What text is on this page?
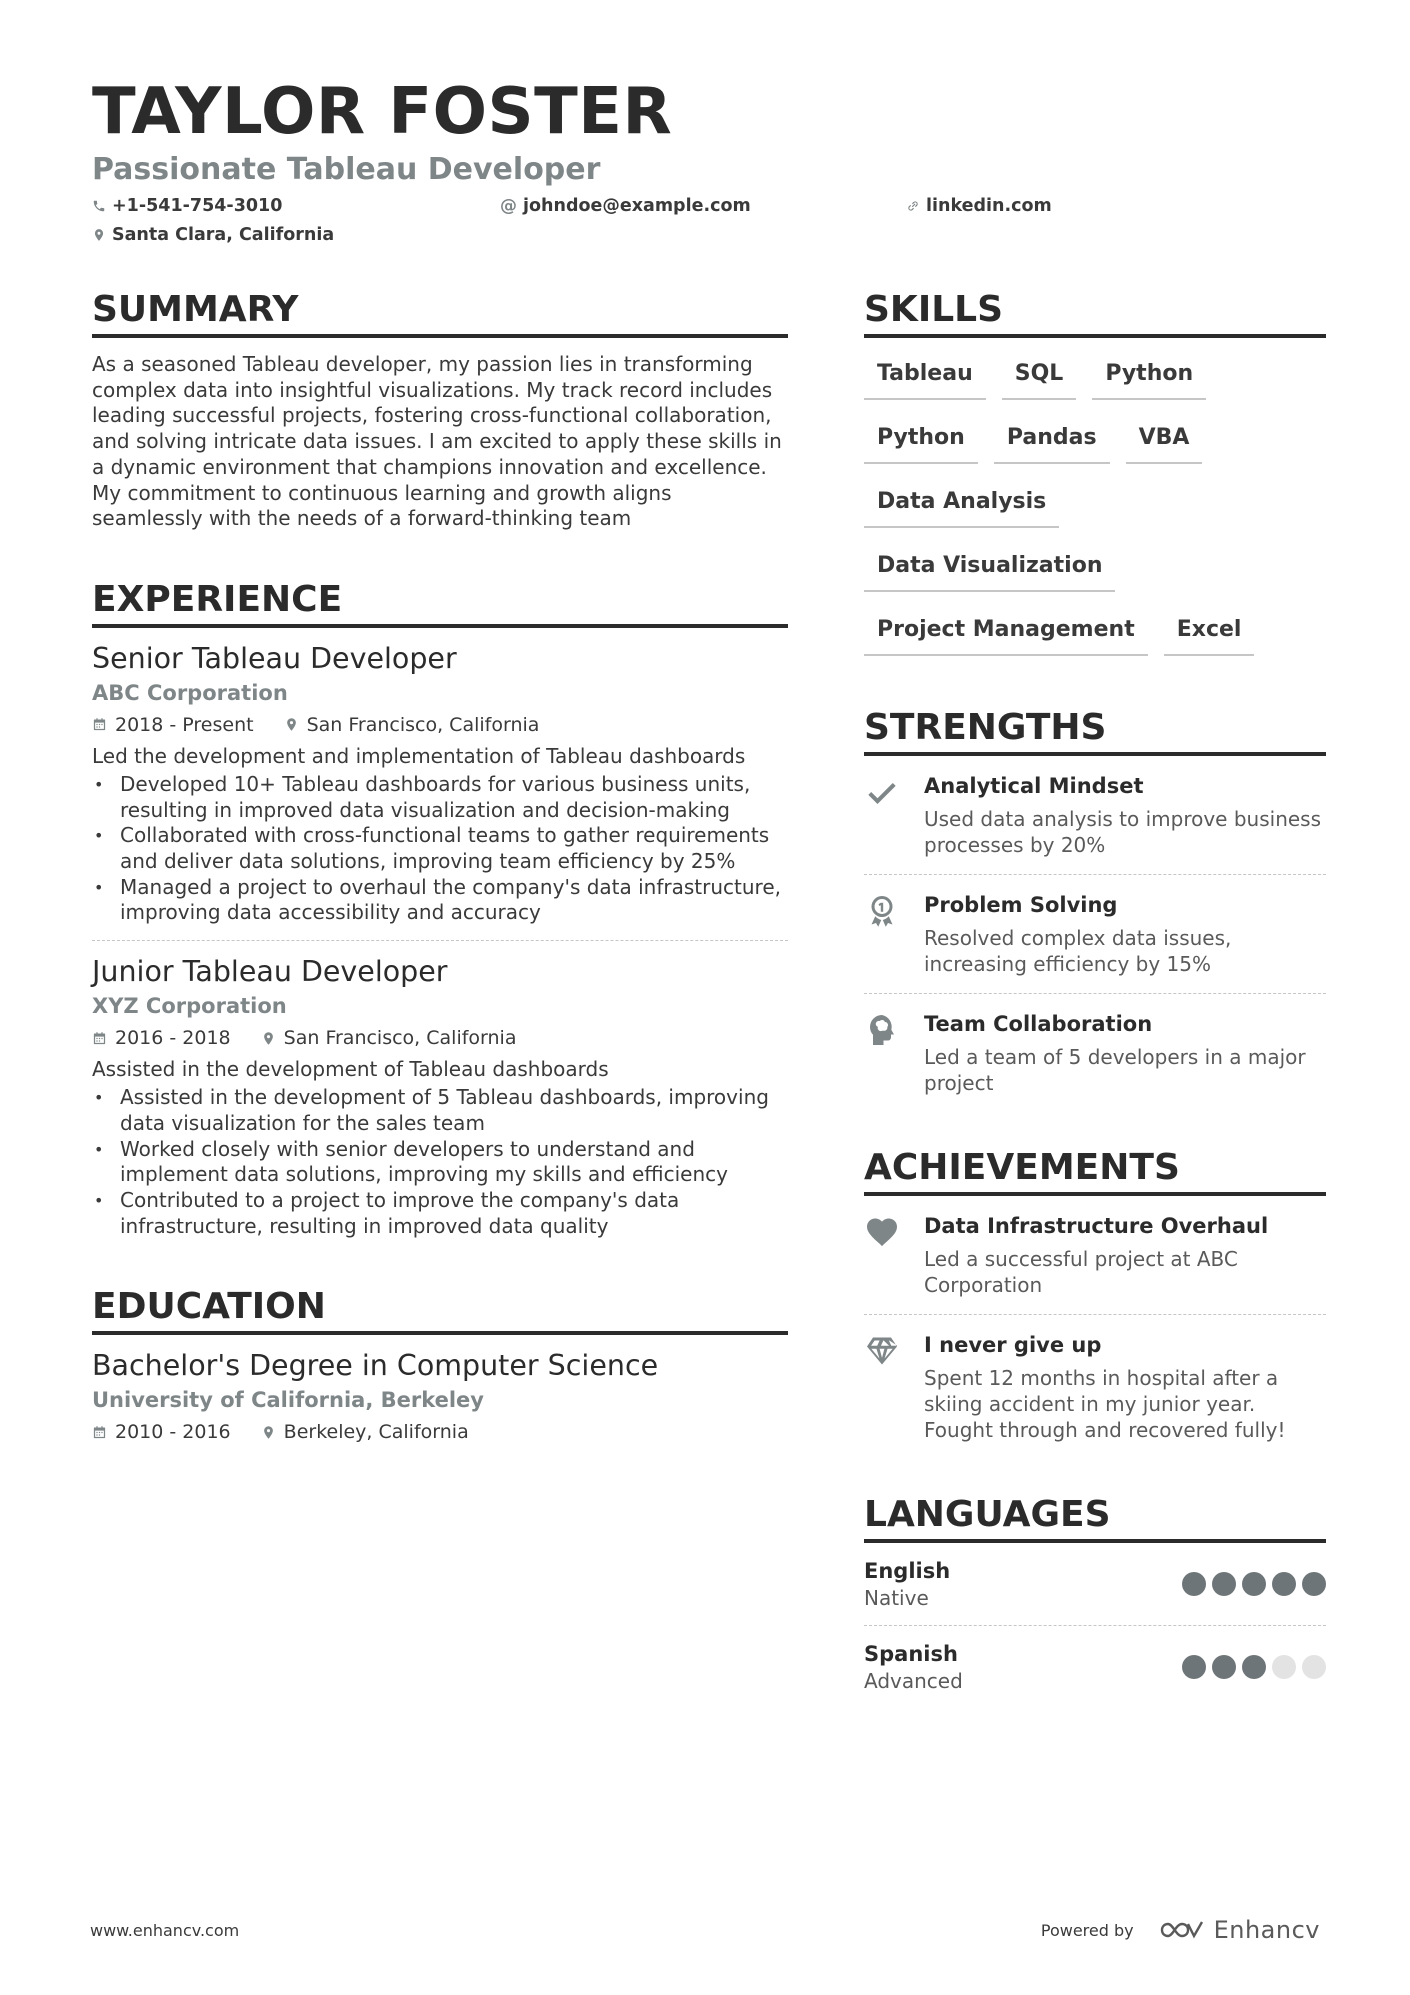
TAYLOR FOSTER
Passionate Tableau Developer
+1-541-754-3010	@ johndoe@example.com	linkedin.com
Santa Clara, California
SUMMARY
As a seasoned Tableau developer, my passion lies in transforming complex data into insightful visualizations. My track record includes leading successful projects, fostering cross-functional collaboration, and solving intricate data issues. I am excited to apply these skills in a dynamic environment that champions innovation and excellence. My commitment to continuous learning and growth aligns seamlessly with the needs of a forward-thinking team
EXPERIENCE
Senior Tableau Developer
ABC Corporation
2018 - Present	San Francisco, California
Led the development and implementation of Tableau dashboards
• Developed 10+ Tableau dashboards for various business units, resulting in improved data visualization and decision-making
• Collaborated with cross-functional teams to gather requirements and deliver data solutions, improving team efficiency by 25%
• Managed a project to overhaul the company's data infrastructure, improving data accessibility and accuracy
Junior Tableau Developer
XYZ Corporation
2016 - 2018	San Francisco, California
Assisted in the development of Tableau dashboards
• Assisted in the development of 5 Tableau dashboards, improving data visualization for the sales team
• Worked closely with senior developers to understand and implement data solutions, improving my skills and efficiency
• Contributed to a project to improve the company's data infrastructure, resulting in improved data quality
EDUCATION
Bachelor's Degree in Computer Science
University of California, Berkeley
2010 - 2016	Berkeley, California
SKILLS
Tableau	SQL	Python
Python	Pandas	VBA
Data Analysis
Data Visualization
Project Management	Excel
STRENGTHS
Analytical Mindset
Used data analysis to improve business processes by 20%
Problem Solving
Resolved complex data issues, increasing efficiency by 15%
Team Collaboration
Led a team of 5 developers in a major project
ACHIEVEMENTS
Data Infrastructure Overhaul
Led a successful project at ABC Corporation
I never give up
Spent 12 months in hospital after a skiing accident in my junior year. Fought through and recovered fully!
LANGUAGES
English
Native
Spanish
Advanced
www.enhancv.com	Powered by	Enhancv
